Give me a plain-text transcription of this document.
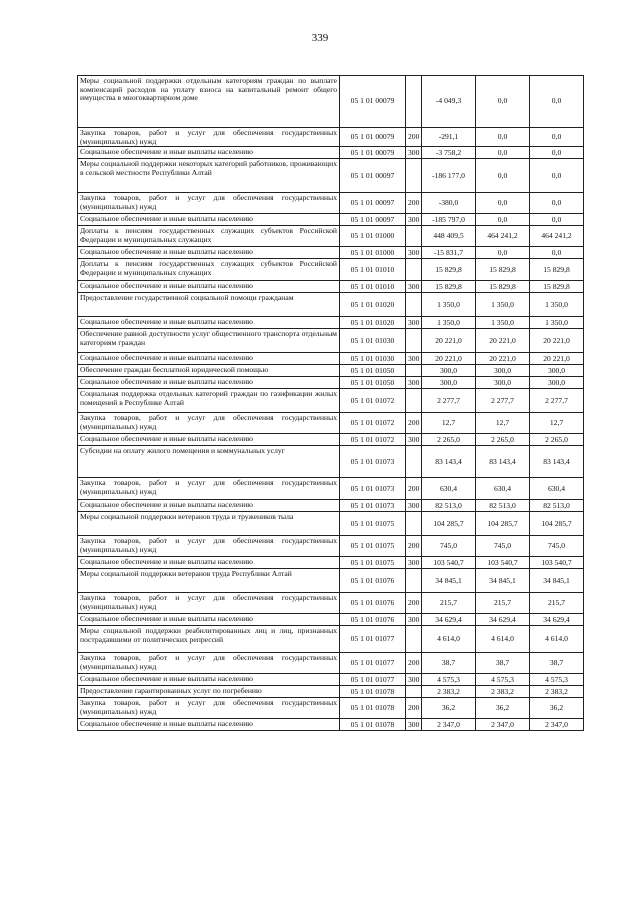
339
Меры социальной поддержки отдельным категориям граждан по выплате компенсаций расходов на уплату взноса на капитальный ремонт общего имущества в многоквартирном доме	05 1 01 00079		-4 049,3	0,0	0,0
Закупка товаров, работ и услуг для обеспечения государственных (муниципальных) нужд	05 1 01 00079	200	-291,1	0,0	0,0
Социальное обеспечение и иные выплаты населению	05 1 01 00079	300	-3 758,2	0,0	0,0
Меры социальной поддержки некоторых категорий работников, проживающих в сельской местности Республики Алтай	05 1 01 00097		-186 177,0	0,0	0,0
Закупка товаров, работ и услуг для обеспечения государственных (муниципальных) нужд	05 1 01 00097	200	-380,0	0,0	0,0
Социальное обеспечение и иные выплаты населению	05 1 01 00097	300	-185 797,0	0,0	0,0
Доплаты к пенсиям государственных служащих субъектов Российской Федерации и муниципальных служащих	05 1 01 01000		448 409,5	464 241,2	464 241,2
Социальное обеспечение и иные выплаты населению	05 1 01 01000	300	-15 831,7	0,0	0,0
Доплаты к пенсиям государственных служащих субъектов Российской Федерации и муниципальных служащих	05 1 01 01010		15 829,8	15 829,8	15 829,8
Социальное обеспечение и иные выплаты населению	05 1 01 01010	300	15 829,8	15 829,8	15 829,8
Предоставление государственной социальной помощи гражданам	05 1 01 01020		1 350,0	1 350,0	1 350,0
Социальное обеспечение и иные выплаты населению	05 1 01 01020	300	1 350,0	1 350,0	1 350,0
Обеспечение равной доступности услуг общественного транспорта отдельным категориям граждан	05 1 01 01030		20 221,0	20 221,0	20 221,0
Социальное обеспечение и иные выплаты населению	05 1 01 01030	300	20 221,0	20 221,0	20 221,0
Обеспечение граждан бесплатной юридической помощью	05 1 01 01050		300,0	300,0	300,0
Социальное обеспечение и иные выплаты населению	05 1 01 01050	300	300,0	300,0	300,0
Социальная поддержка отдельных категорий граждан по газификации жилых помещений в Республике Алтай	05 1 01 01072		2 277,7	2 277,7	2 277,7
Закупка товаров, работ и услуг для обеспечения государственных (муниципальных) нужд	05 1 01 01072	200	12,7	12,7	12,7
Социальное обеспечение и иные выплаты населению	05 1 01 01072	300	2 265,0	2 265,0	2 265,0
Субсидии на оплату жилого помещения и коммунальных услуг	05 1 01 01073		83 143,4	83 143,4	83 143,4
Закупка товаров, работ и услуг для обеспечения государственных (муниципальных) нужд	05 1 01 01073	200	630,4	630,4	630,4
Социальное обеспечение и иные выплаты населению	05 1 01 01073	300	82 513,0	82 513,0	82 513,0
Меры социальной поддержки ветеранов труда и тружеников тыла	05 1 01 01075		104 285,7	104 285,7	104 285,7
Закупка товаров, работ и услуг для обеспечения государственных (муниципальных) нужд	05 1 01 01075	200	745,0	745,0	745,0
Социальное обеспечение и иные выплаты населению	05 1 01 01075	300	103 540,7	103 540,7	103 540,7
Меры социальной поддержки ветеранов труда Республики Алтай	05 1 01 01076		34 845,1	34 845,1	34 845,1
Закупка товаров, работ и услуг для обеспечения государственных (муниципальных) нужд	05 1 01 01076	200	215,7	215,7	215,7
Социальное обеспечение и иные выплаты населению	05 1 01 01076	300	34 629,4	34 629,4	34 629,4
Меры социальной поддержки реабилитированных лиц и лиц, признанных пострадавшими от политических репрессий	05 1 01 01077		4 614,0	4 614,0	4 614,0
Закупка товаров, работ и услуг для обеспечения государственных (муниципальных) нужд	05 1 01 01077	200	38,7	38,7	38,7
Социальное обеспечение и иные выплаты населению	05 1 01 01077	300	4 575,3	4 575,3	4 575,3
Предоставление гарантированных услуг по погребению	05 1 01 01078		2 383,2	2 383,2	2 383,2
Закупка товаров, работ и услуг для обеспечения государственных (муниципальных) нужд	05 1 01 01078	200	36,2	36,2	36,2
Социальное обеспечение и иные выплаты населению	05 1 01 01078	300	2 347,0	2 347,0	2 347,0
